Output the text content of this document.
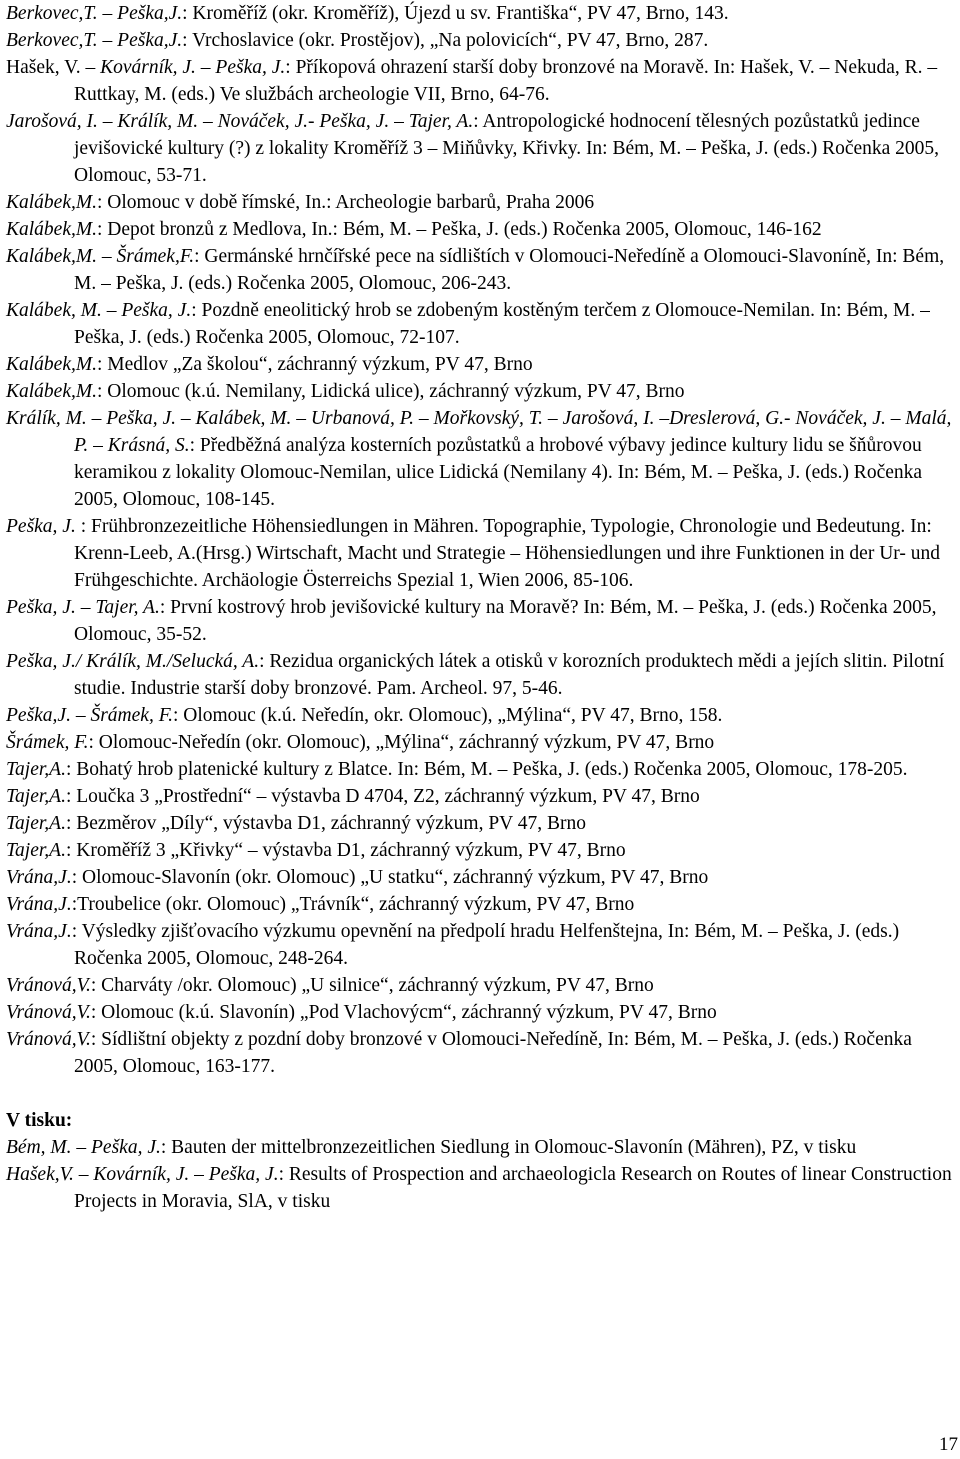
Berkovec,T. – Peška,J.: Kroměříž (okr. Kroměříž), Újezd u sv. Františka“, PV 47, Brno, 143.
Berkovec,T. – Peška,J.: Vrchoslavice (okr. Prostějov), „Na polovicích“, PV 47, Brno, 287.
Hašek, V. – Kovárník, J. – Peška, J.: Příkopová ohrazení starší doby bronzové na Moravě. In: Hašek, V. – Nekuda, R. – Ruttkay, M. (eds.) Ve službách archeologie VII, Brno, 64-76.
Jarošová, I. – Králík, M. – Nováček, J.- Peška, J. – Tajer, A.: Antropologické hodnocení tělesných pozůstatků jedince jevišovické kultury (?) z lokality Kroměříž 3 – Miňůvky, Křivky. In: Bém, M. – Peška, J. (eds.) Ročenka 2005, Olomouc, 53-71.
Kalábek,M.: Olomouc v době římské, In.: Archeologie barbarů, Praha 2006
Kalábek,M.: Depot bronzů z Medlova, In.: Bém, M. – Peška, J. (eds.) Ročenka 2005, Olomouc, 146-162
Kalábek,M. – Šrámek,F.: Germánské hrnčířské pece na sídlištích v Olomouci-Neředíně a Olomouci-Slavoníně, In: Bém, M. – Peška, J. (eds.) Ročenka 2005, Olomouc, 206-243.
Kalábek, M. – Peška, J.: Pozdně eneolitický hrob se zdobeným kostěným terčem z Olomouce-Nemilan. In: Bém, M. – Peška, J. (eds.) Ročenka 2005, Olomouc, 72-107.
Kalábek,M.: Medlov „Za školou“, záchranný výzkum, PV 47, Brno
Kalábek,M.: Olomouc (k.ú. Nemilany, Lidická ulice), záchranný výzkum, PV 47, Brno
Králík, M. – Peška, J. – Kalábek, M. – Urbanová, P. – Mořkovský, T. – Jarošová, I. –Dreslerová, G.- Nováček, J. – Malá, P. – Krásná, S.: Předběžná analýza kosterních pozůstatků a hrobové výbavy jedince kultury lidu se šňůrovou keramikou z lokality Olomouc-Nemilan, ulice Lidická (Nemilany 4). In: Bém, M. – Peška, J. (eds.) Ročenka 2005, Olomouc, 108-145.
Peška, J. : Frühbronzezeitliche Höhensiedlungen in Mähren. Topographie, Typologie, Chronologie und Bedeutung. In: Krenn-Leeb, A.(Hrsg.) Wirtschaft, Macht und Strategie – Höhensiedlungen und ihre Funktionen in der Ur- und Frühgeschichte. Archäologie Österreichs Spezial 1, Wien 2006, 85-106.
Peška, J. – Tajer, A.: První kostrový hrob jevišovické kultury na Moravě? In: Bém, M. – Peška, J. (eds.) Ročenka 2005, Olomouc, 35-52.
Peška, J./ Králík, M./Selucká, A.: Rezidua organických látek a otisků v korozních produktech mědi a jejích slitin. Pilotní studie. Industrie starší doby bronzové. Pam. Archeol. 97, 5-46.
Peška,J. – Šrámek, F.: Olomouc (k.ú. Neředín, okr. Olomouc), „Mýlina“, PV 47, Brno, 158.
Šrámek, F.: Olomouc-Neředín (okr. Olomouc), „Mýlina“, záchranný výzkum, PV 47, Brno
Tajer,A.: Bohatý hrob platenické kultury z Blatce. In: Bém, M. – Peška, J. (eds.) Ročenka 2005, Olomouc, 178-205.
Tajer,A.: Loučka 3 „Prostřední“ – výstavba D 4704, Z2, záchranný výzkum, PV 47, Brno
Tajer,A.: Bezměrov „Díly“, výstavba D1, záchranný výzkum, PV 47, Brno
Tajer,A.: Kroměříž 3 „Křivky“ – výstavba D1, záchranný výzkum, PV 47, Brno
Vrána,J.: Olomouc-Slavonín (okr. Olomouc) „U statku“, záchranný výzkum, PV 47, Brno
Vrána,J.:Troubelice (okr. Olomouc) „Trávník“, záchranný výzkum, PV 47, Brno
Vrána,J.: Výsledky zjišťovacího výzkumu opevnění na předpolí hradu Helfenštejna, In: Bém, M. – Peška, J. (eds.) Ročenka 2005, Olomouc, 248-264.
Vránová,V.: Charváty /okr. Olomouc) „U silnice“, záchranný výzkum, PV 47, Brno
Vránová,V.: Olomouc (k.ú. Slavonín) „Pod Vlachovýcm“, záchranný výzkum, PV 47, Brno
Vránová,V.: Sídlištní objekty z pozdní doby bronzové v Olomouci-Neředíně, In: Bém, M. – Peška, J. (eds.) Ročenka 2005, Olomouc, 163-177.
V tisku:
Bém, M. – Peška, J.: Bauten der mittelbronzezeitlichen Siedlung in Olomouc-Slavonín (Mähren), PZ, v tisku
Hašek,V. – Kovárník, J. – Peška, J.: Results of Prospection and archaeologicla Research on Routes of linear Construction Projects in Moravia, SlA, v tisku
17
